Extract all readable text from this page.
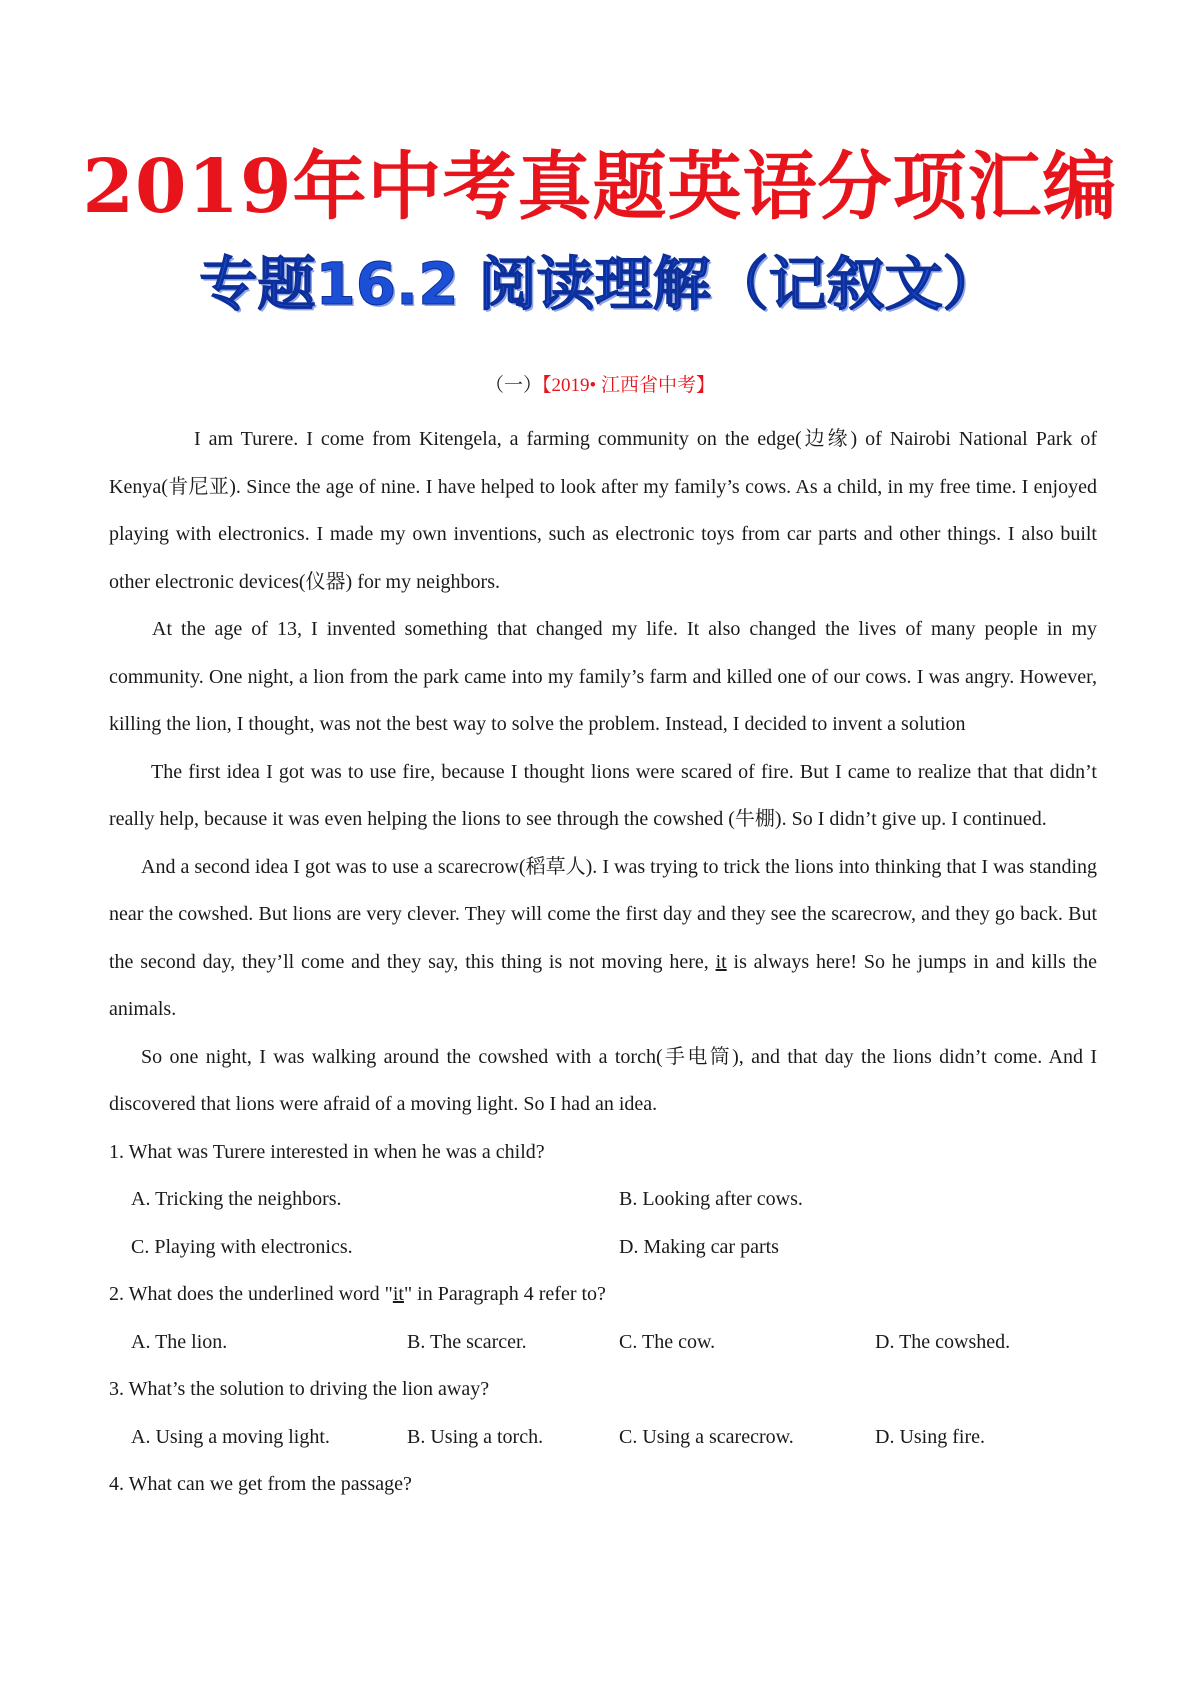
2019年中考真题英语分项汇编
专题16.2 阅读理解（记叙文）
（一）【2019• 江西省中考】

I am Turere. I come from Kitengela, a farming community on the edge(边缘) of Nairobi National Park of Kenya(肯尼亚). Since the age of nine. I have helped to look after my family’s cows. As a child, in my free time. I enjoyed playing with electronics. I made my own inventions, such as electronic toys from car parts and other things. I also built other electronic devices(仪器) for my neighbors.

At the age of 13, I invented something that changed my life. It also changed the lives of many people in my community. One night, a lion from the park came into my family’s farm and killed one of our cows. I was angry. However, killing the lion, I thought, was not the best way to solve the problem. Instead, I decided to invent a solution

The first idea I got was to use fire, because I thought lions were scared of fire. But I came to realize that that didn’t really help, because it was even helping the lions to see through the cowshed (牛棚). So I didn’t give up. I continued.

And a second idea I got was to use a scarecrow(稻草人). I was trying to trick the lions into thinking that I was standing near the cowshed. But lions are very clever. They will come the first day and they see the scarecrow, and they go back. But the second day, they’ll come and they say, this thing is not moving here, it is always here! So he jumps in and kills the animals.

So one night, I was walking around the cowshed with a torch(手电筒), and that day the lions didn’t come. And I discovered that lions were afraid of a moving light. So I had an idea.

1. What was Turere interested in when he was a child?

A. Tricking the neighbors.	B. Looking after cows.
C. Playing with electronics.	D. Making car parts

2. What does the underlined word "it" in Paragraph 4 refer to?

A. The lion.	B. The scarcer.	C. The cow.	D. The cowshed.

3. What’s the solution to driving the lion away?

A. Using a moving light.	B. Using a torch.	C. Using a scarecrow.	D. Using fire.

4. What can we get from the passage?
